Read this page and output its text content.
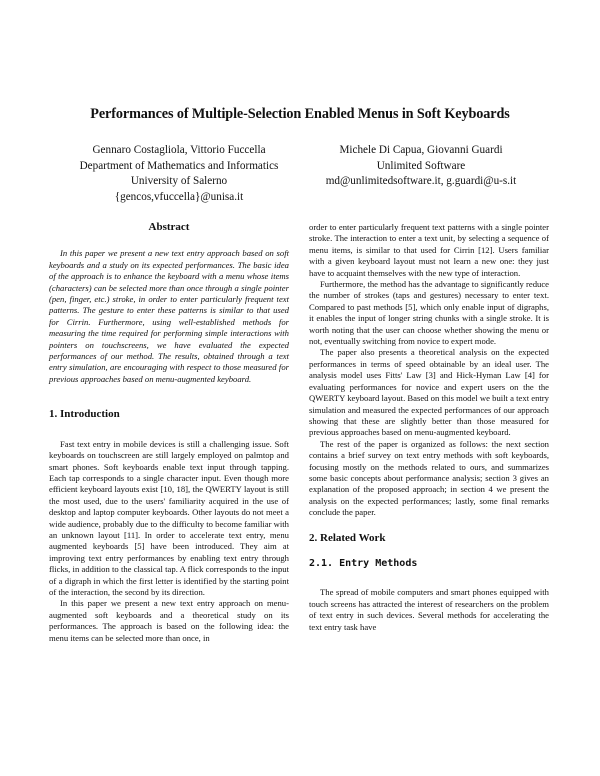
Performances of Multiple-Selection Enabled Menus in Soft Keyboards
Gennaro Costagliola, Vittorio Fuccella
Department of Mathematics and Informatics
University of Salerno
{gencos,vfuccella}@unisa.it
Michele Di Capua, Giovanni Guardi
Unlimited Software
md@unlimitedsoftware.it, g.guardi@u-s.it
Abstract

In this paper we present a new text entry approach based on soft keyboards and a study on its expected performances. The basic idea of the approach is to enhance the keyboard with a menu whose items (characters) can be selected more than once through a single pointer (pen, finger, etc.) stroke, in order to enter particularly frequent text patterns. The gesture to enter these patterns is similar to that used for Cirrin. Furthermore, using well-established methods for measuring the time required for performing simple interactions with pointers on touchscreens, we have evaluated the expected performances of our method. The results, obtained through a text entry simulation, are encouraging with respect to those measured for previous approaches based on menu-augmented keyboard.

1. Introduction

Fast text entry in mobile devices is still a challenging issue. Soft keyboards on touchscreen are still largely employed on palmtop and smart phones. Soft keyboards enable text input through tapping. Each tap corresponds to a single character input. Even though more efficient keyboard layouts exist [10, 18], the QWERTY layout is still the most used, due to the users' familiarity acquired in the use of desktop and laptop computer keyboards. Other layouts do not meet a wide audience, probably due to the difficulty to become familiar with an unknown layout [11]. In order to accelerate text entry, menu augmented keyboards [5] have been introduced. They aim at improving text entry performances by enabling text entry through flicks, in addition to the classical tap. A flick corresponds to the input of a digraph in which the first letter is identified by the starting point of the interaction, the second by its direction.

In this paper we present a new text entry approach on menu-augmented soft keyboards and a theoretical study on its performances. The approach is based on the following idea: the menu items can be selected more than once, in

order to enter particularly frequent text patterns with a single pointer stroke. The interaction to enter a text unit, by selecting a sequence of menu items, is similar to that used for Cirrin [12]. Users familiar with a given keyboard layout must not learn a new one: they just have to acquaint themselves with the new type of interaction.

Furthermore, the method has the advantage to significantly reduce the number of strokes (taps and gestures) necessary to enter text. Compared to past methods [5], which only enable input of digraphs, it enables the input of longer string chunks with a single stroke. It is worth noting that the user can choose whether showing the menu or not, eventually switching from novice to expert mode.

The paper also presents a theoretical analysis on the expected performances in terms of speed obtainable by an ideal user. The analysis model uses Fitts' Law [3] and Hick-Hyman Law [4] for evaluating performances for novice and expert users on the the QWERTY keyboard layout. Based on this model we built a text entry simulation and measured the expected performances of our approach showing that these are slightly better than those measured for previous approaches based on menu-augmented keyboard.

The rest of the paper is organized as follows: the next section contains a brief survey on text entry methods with soft keyboards, focusing mostly on the methods related to ours, and summarizes some basic concepts about performance analysis; section 3 gives an explanation of the proposed approach; in section 4 we present the analysis on the expected performances; lastly, some final remarks conclude the paper.

2. Related Work
2.1. Entry Methods

The spread of mobile computers and smart phones equipped with touch screens has attracted the interest of researchers on the problem of text entry in such devices. Several methods for accelerating the text entry task have
